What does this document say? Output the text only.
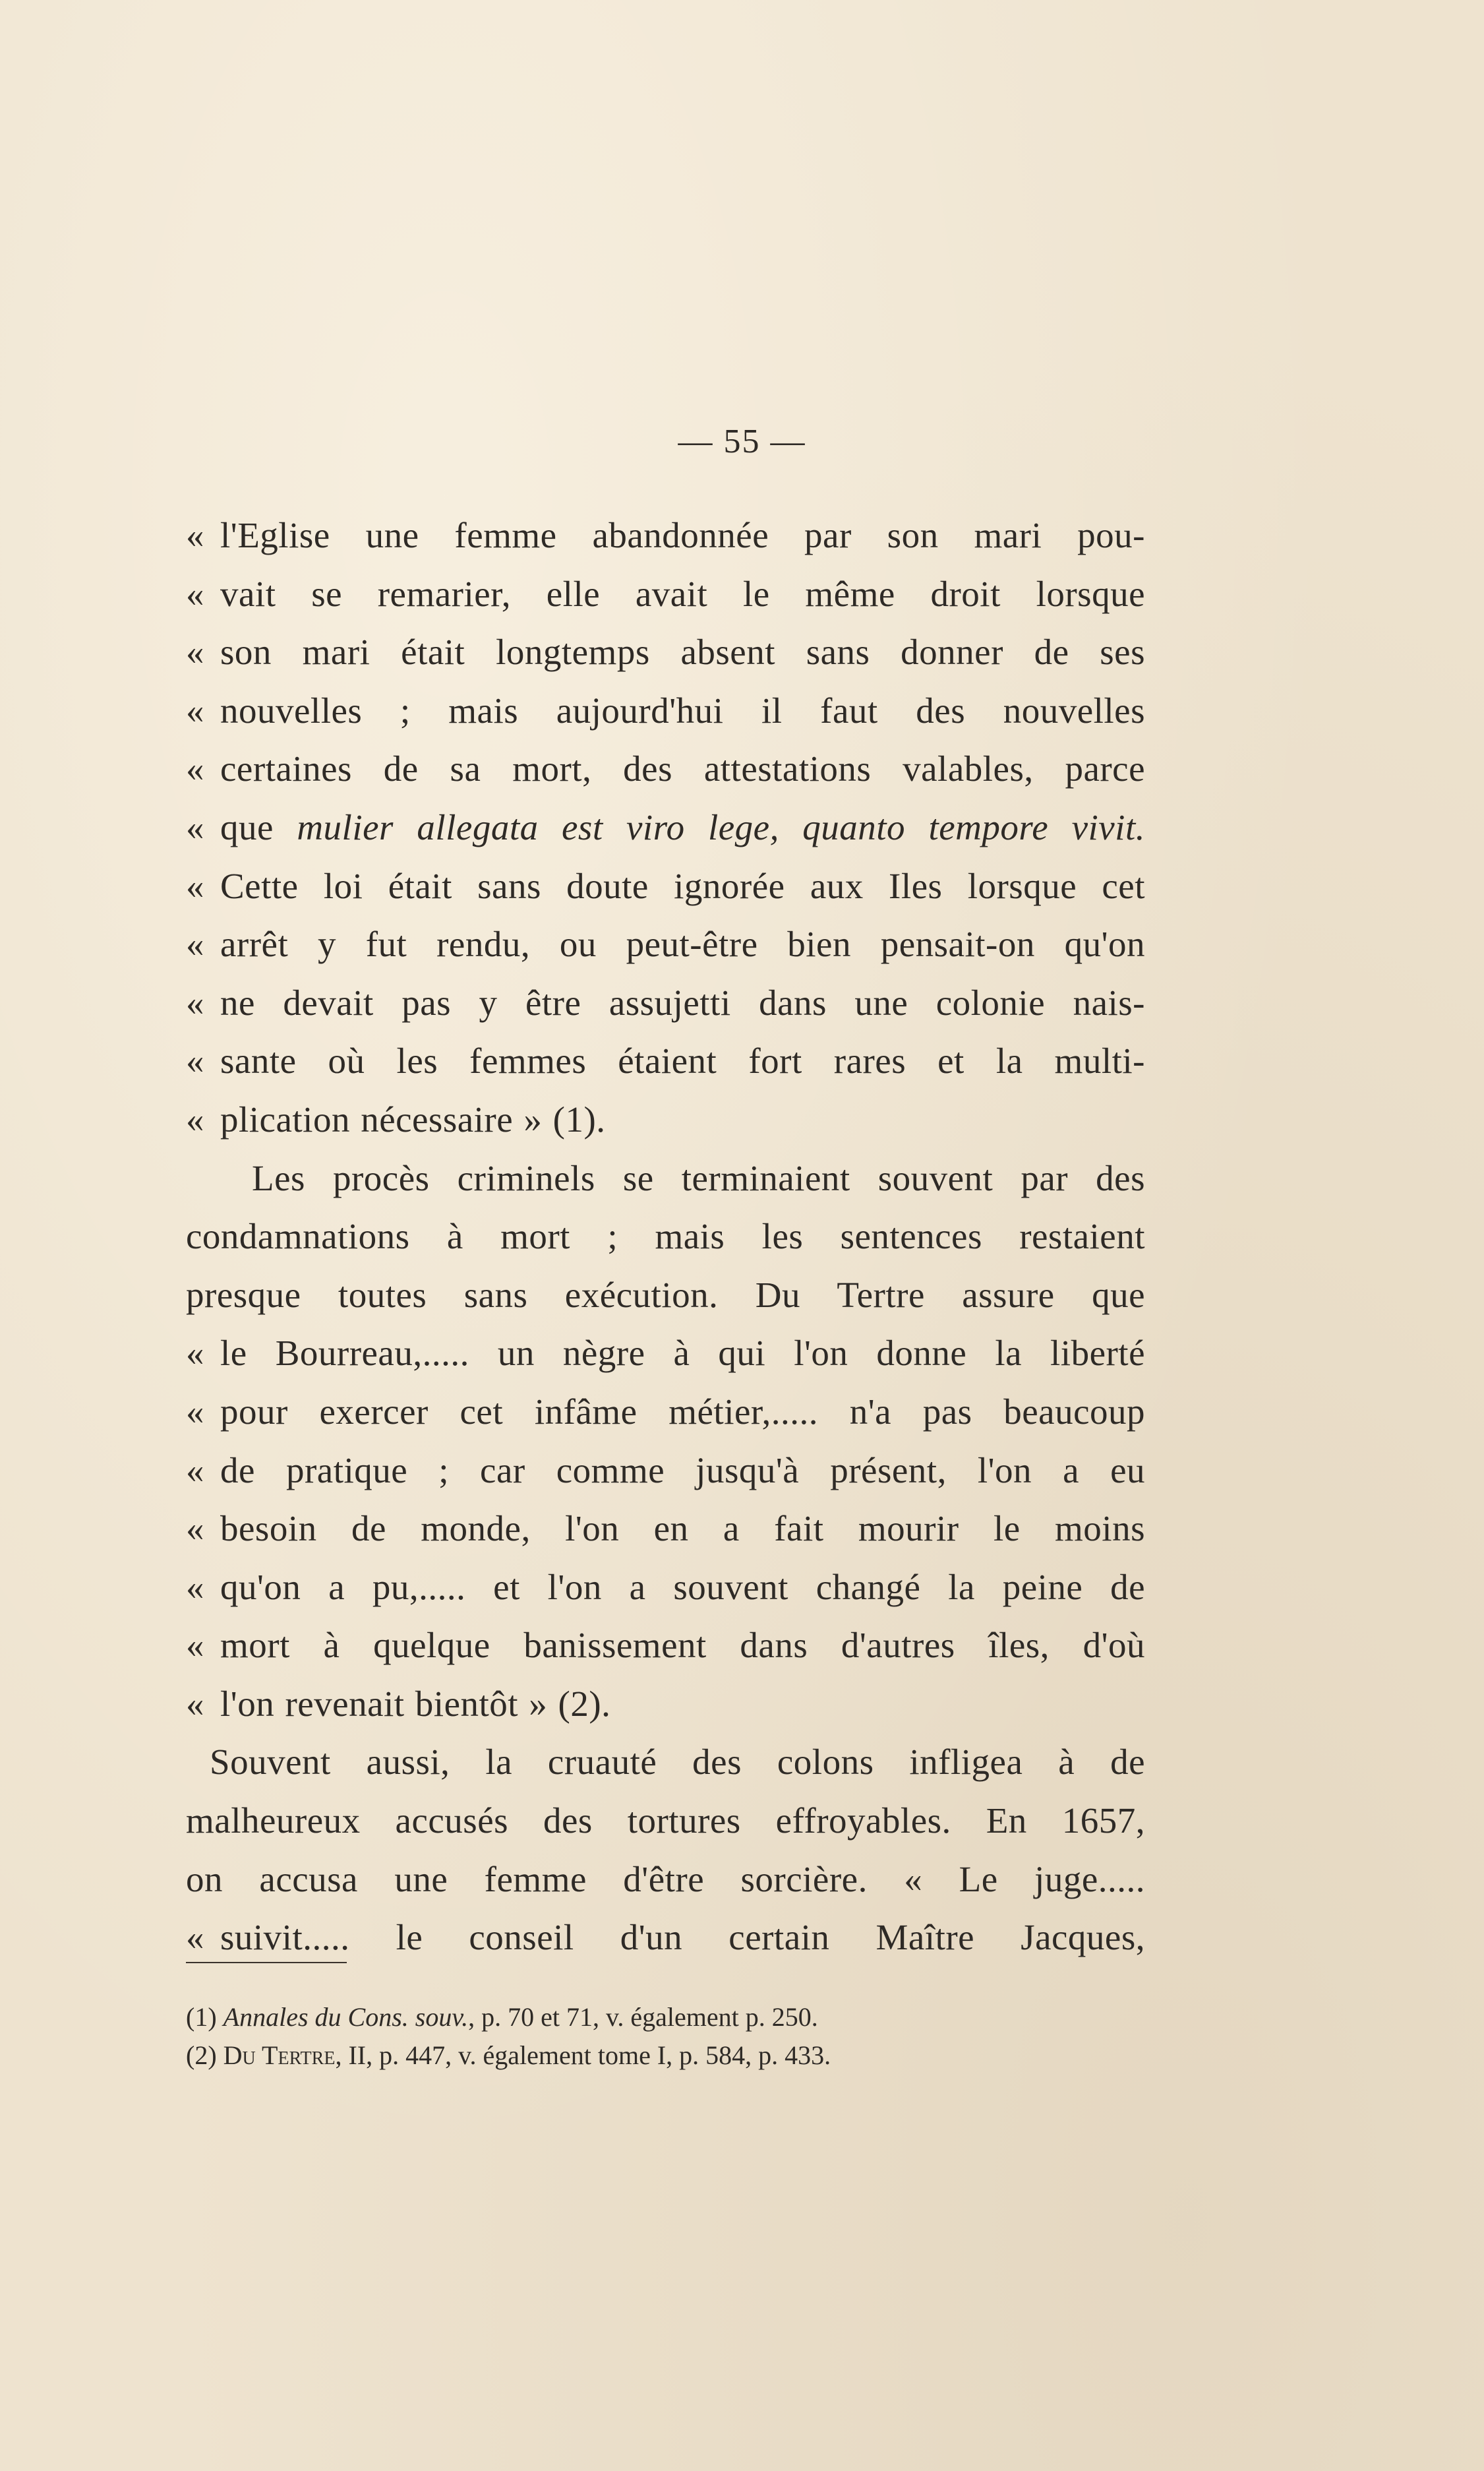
— 55 —
« l'Eglise une femme abandonnée par son mari pou-
« vait se remarier, elle avait le même droit lorsque
« son mari était longtemps absent sans donner de ses
« nouvelles ; mais aujourd'hui il faut des nouvelles
« certaines de sa mort, des attestations valables, parce
« que mulier allegata est viro lege, quanto tempore vivit.
« Cette loi était sans doute ignorée aux Iles lorsque cet
« arrêt y fut rendu, ou peut-être bien pensait-on qu'on
« ne devait pas y être assujetti dans une colonie nais-
« sante où les femmes étaient fort rares et la multi-
« plication nécessaire » (1).
Les procès criminels se terminaient souvent par des
condamnations à mort ; mais les sentences restaient
presque toutes sans exécution. Du Tertre assure que
« le Bourreau,..... un nègre à qui l'on donne la liberté
« pour exercer cet infâme métier,..... n'a pas beaucoup
« de pratique ; car comme jusqu'à présent, l'on a eu
« besoin de monde, l'on en a fait mourir le moins
« qu'on a pu,..... et l'on a souvent changé la peine de
« mort à quelque banissement dans d'autres îles, d'où
« l'on revenait bientôt » (2).
Souvent aussi, la cruauté des colons infligea à de
malheureux accusés des tortures effroyables. En 1657,
on accusa une femme d'être sorcière. « Le juge.....
« suivit..... le conseil d'un certain Maître Jacques,
(1) Annales du Cons. souv., p. 70 et 71, v. également p. 250.
(2) Du Tertre, II, p. 447, v. également tome I, p. 584, p. 433.
